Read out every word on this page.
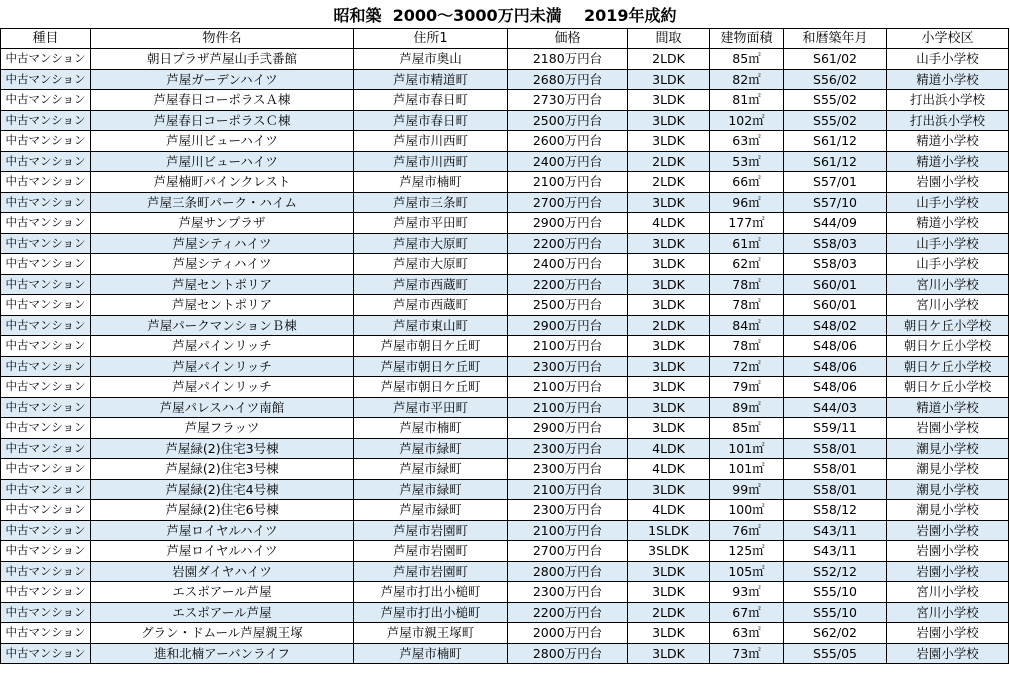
昭和築  2000～3000万円未満    2019年成約
種目	物件名	住所1	価格	間取	建物面積	和暦築年月	小学校区
中古マンション	朝日プラザ芦屋山手弐番館	芦屋市奥山	2180万円台	2LDK	85㎡	S61/02	山手小学校
中古マンション	芦屋ガーデンハイツ	芦屋市精道町	2680万円台	3LDK	82㎡	S56/02	精道小学校
中古マンション	芦屋春日コーポラスＡ棟	芦屋市春日町	2730万円台	3LDK	81㎡	S55/02	打出浜小学校
中古マンション	芦屋春日コーポラスＣ棟	芦屋市春日町	2500万円台	3LDK	102㎡	S55/02	打出浜小学校
中古マンション	芦屋川ビューハイツ	芦屋市川西町	2600万円台	3LDK	63㎡	S61/12	精道小学校
中古マンション	芦屋川ビューハイツ	芦屋市川西町	2400万円台	2LDK	53㎡	S61/12	精道小学校
中古マンション	芦屋楠町パインクレスト	芦屋市楠町	2100万円台	2LDK	66㎡	S57/01	岩園小学校
中古マンション	芦屋三条町パーク・ハイム	芦屋市三条町	2700万円台	3LDK	96㎡	S57/10	山手小学校
中古マンション	芦屋サンプラザ	芦屋市平田町	2900万円台	4LDK	177㎡	S44/09	精道小学校
中古マンション	芦屋シティハイツ	芦屋市大原町	2200万円台	3LDK	61㎡	S58/03	山手小学校
中古マンション	芦屋シティハイツ	芦屋市大原町	2400万円台	3LDK	62㎡	S58/03	山手小学校
中古マンション	芦屋セントポリア	芦屋市西蔵町	2200万円台	3LDK	78㎡	S60/01	宮川小学校
中古マンション	芦屋セントポリア	芦屋市西蔵町	2500万円台	3LDK	78㎡	S60/01	宮川小学校
中古マンション	芦屋パークマンションＢ棟	芦屋市東山町	2900万円台	2LDK	84㎡	S48/02	朝日ケ丘小学校
中古マンション	芦屋パインリッチ	芦屋市朝日ケ丘町	2100万円台	3LDK	78㎡	S48/06	朝日ケ丘小学校
中古マンション	芦屋パインリッチ	芦屋市朝日ケ丘町	2300万円台	3LDK	72㎡	S48/06	朝日ケ丘小学校
中古マンション	芦屋パインリッチ	芦屋市朝日ケ丘町	2100万円台	3LDK	79㎡	S48/06	朝日ケ丘小学校
中古マンション	芦屋パレスハイツ南館	芦屋市平田町	2100万円台	3LDK	89㎡	S44/03	精道小学校
中古マンション	芦屋フラッツ	芦屋市楠町	2900万円台	3LDK	85㎡	S59/11	岩園小学校
中古マンション	芦屋緑(2)住宅3号棟	芦屋市緑町	2300万円台	4LDK	101㎡	S58/01	潮見小学校
中古マンション	芦屋緑(2)住宅3号棟	芦屋市緑町	2300万円台	4LDK	101㎡	S58/01	潮見小学校
中古マンション	芦屋緑(2)住宅4号棟	芦屋市緑町	2100万円台	3LDK	99㎡	S58/01	潮見小学校
中古マンション	芦屋緑(2)住宅6号棟	芦屋市緑町	2300万円台	4LDK	100㎡	S58/12	潮見小学校
中古マンション	芦屋ロイヤルハイツ	芦屋市岩園町	2100万円台	1SLDK	76㎡	S43/11	岩園小学校
中古マンション	芦屋ロイヤルハイツ	芦屋市岩園町	2700万円台	3SLDK	125㎡	S43/11	岩園小学校
中古マンション	岩園ダイヤハイツ	芦屋市岩園町	2800万円台	3LDK	105㎡	S52/12	岩園小学校
中古マンション	エスポアール芦屋	芦屋市打出小槌町	2300万円台	3LDK	93㎡	S55/10	宮川小学校
中古マンション	エスポアール芦屋	芦屋市打出小槌町	2200万円台	2LDK	67㎡	S55/10	宮川小学校
中古マンション	グラン・ドムール芦屋親王塚	芦屋市親王塚町	2000万円台	3LDK	63㎡	S62/02	岩園小学校
中古マンション	進和北楠アーバンライフ	芦屋市楠町	2800万円台	3LDK	73㎡	S55/05	岩園小学校
